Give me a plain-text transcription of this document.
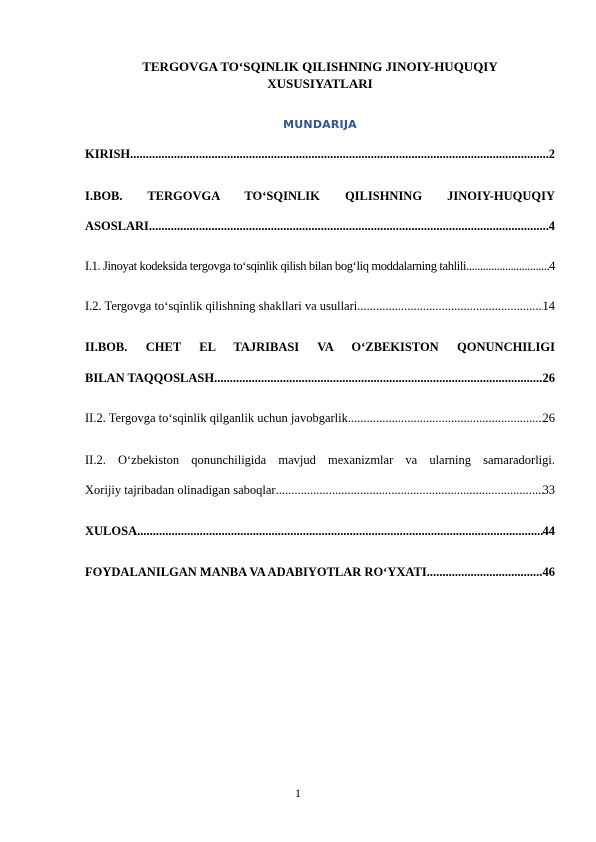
TERGOVGA TO‘SQINLIK QILISHNING JINOIY-HUQUQIY
XUSUSIYATLARI
MUNDARIJA
KIRISH .....	2
I.BOB. TERGOVGA TO‘SQINLIK QILISHNING JINOIY-HUQUQIY
ASOSLARI .....	4
I.1. Jinoyat kodeksida tergovga to‘sqinlik qilish bilan bog‘liq moddalarning tahlili .....	4
I.2. Tergovga to‘sqinlik qilishning shakllari va usullari .....	14
II.BOB. CHET EL TAJRIBASI VA O‘ZBEKISTON QONUNCHILIGI
BILAN TAQQOSLASH .....	26
II.2. Tergovga to‘sqinlik qilganlik uchun javobgarlik .....	26
II.2. O‘zbekiston qonunchiligida mavjud mexanizmlar va ularning samaradorligi.
Xorijiy tajribadan olinadigan saboqlar .....	33
XULOSA .....	44
FOYDALANILGAN MANBA VA ADABIYOTLAR RO‘YXATI .....	46
1
